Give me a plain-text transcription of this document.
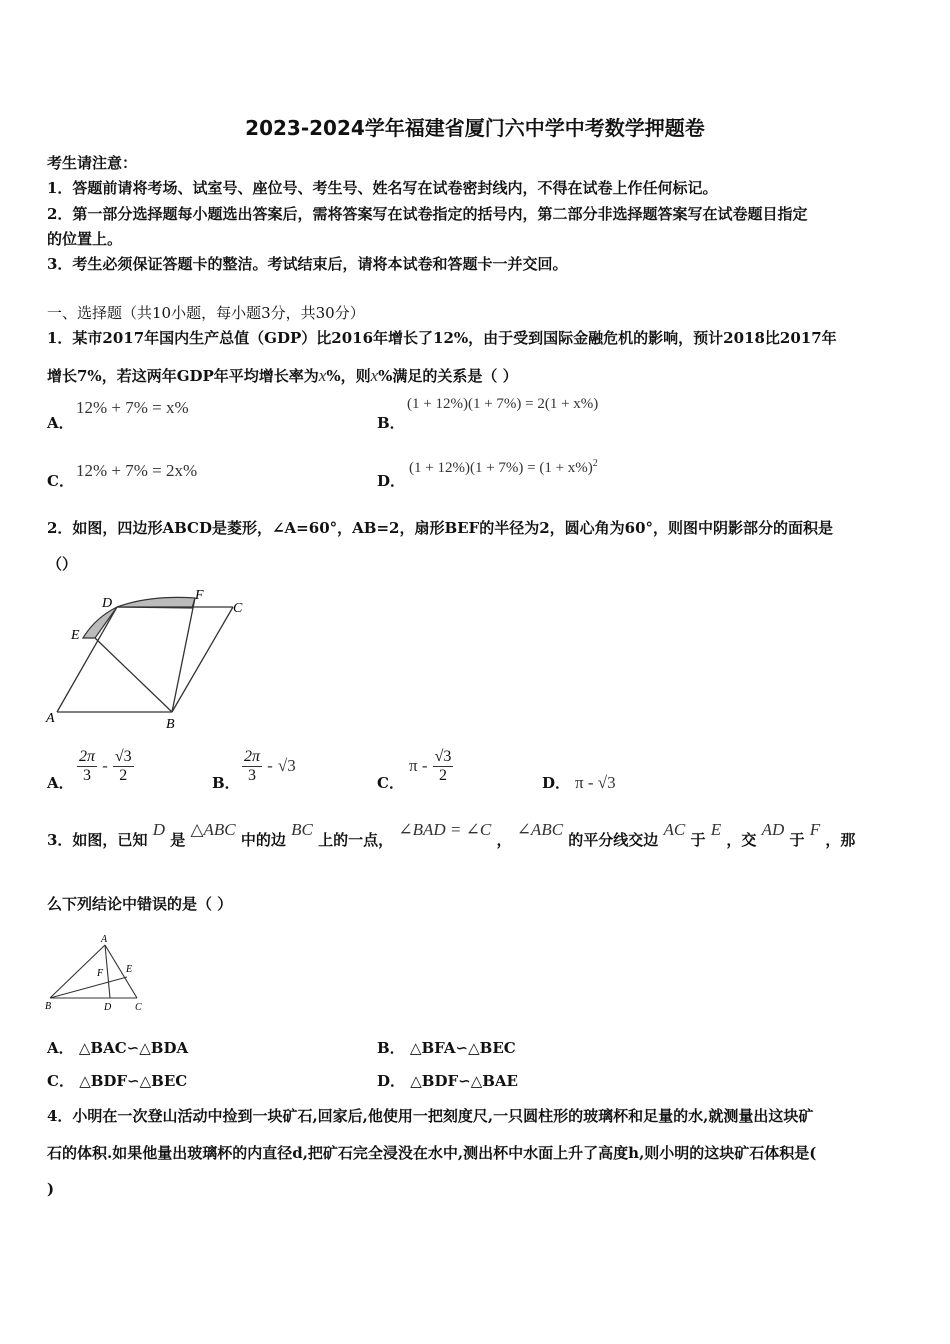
2023-2024学年福建省厦门六中学中考数学押题卷
考生请注意：
1．答题前请将考场、试室号、座位号、考生号、姓名写在试卷密封线内，不得在试卷上作任何标记。
2．第一部分选择题每小题选出答案后，需将答案写在试卷指定的括号内，第二部分非选择题答案写在试卷题目指定
的位置上。
3．考生必须保证答题卡的整洁。考试结束后，请将本试卷和答题卡一并交回。
一、选择题（共10小题，每小题3分，共30分）
1．某市2017年国内生产总值（GDP）比2016年增长了12%，由于受到国际金融危机的影响，预计2018比2017年
增长7%，若这两年GDP年平均增长率为x%，则x%满足的关系是（ ）
A．
12% + 7% = x%
B．
(1 + 12%)(1 + 7%) = 2(1 + x%)
C．
12% + 7% = 2x%
D．
$(1 + 12\%)(1 + 7\%) = (1 + x\%)^2$
2．如图，四边形ABCD是菱形，∠A=60°，AB=2，扇形BEF的半径为2，圆心角为60°，则图中阴影部分的面积是
（）
D
F
C
E
A	B
A． $\frac{2\pi}{3} - \frac{√3}{2}$	B． $\frac{2\pi}{3} - √3$
C．
π - $\frac{√3}{2}$	D． π - √3
3．如图，已知 D 是 △ABC 中的边 BC 上的一点， ∠BAD = ∠C ， ∠ABC 的平分线交边 AC 于 E ，交 AD 于 F ，那
么下列结论中错误的是（ ）
A
F E
B	D C
A． △BAC∽△BDA	B． △BFA∽△BEC
C． △BDF∽△BEC	D． △BDF∽△BAE
4．小明在一次登山活动中捡到一块矿石,回家后,他使用一把刻度尺,一只圆柱形的玻璃杯和足量的水,就测量出这块矿
石的体积.如果他量出玻璃杯的内直径d,把矿石完全浸没在水中,测出杯中水面上升了高度h,则小明的这块矿石体积是(
)
